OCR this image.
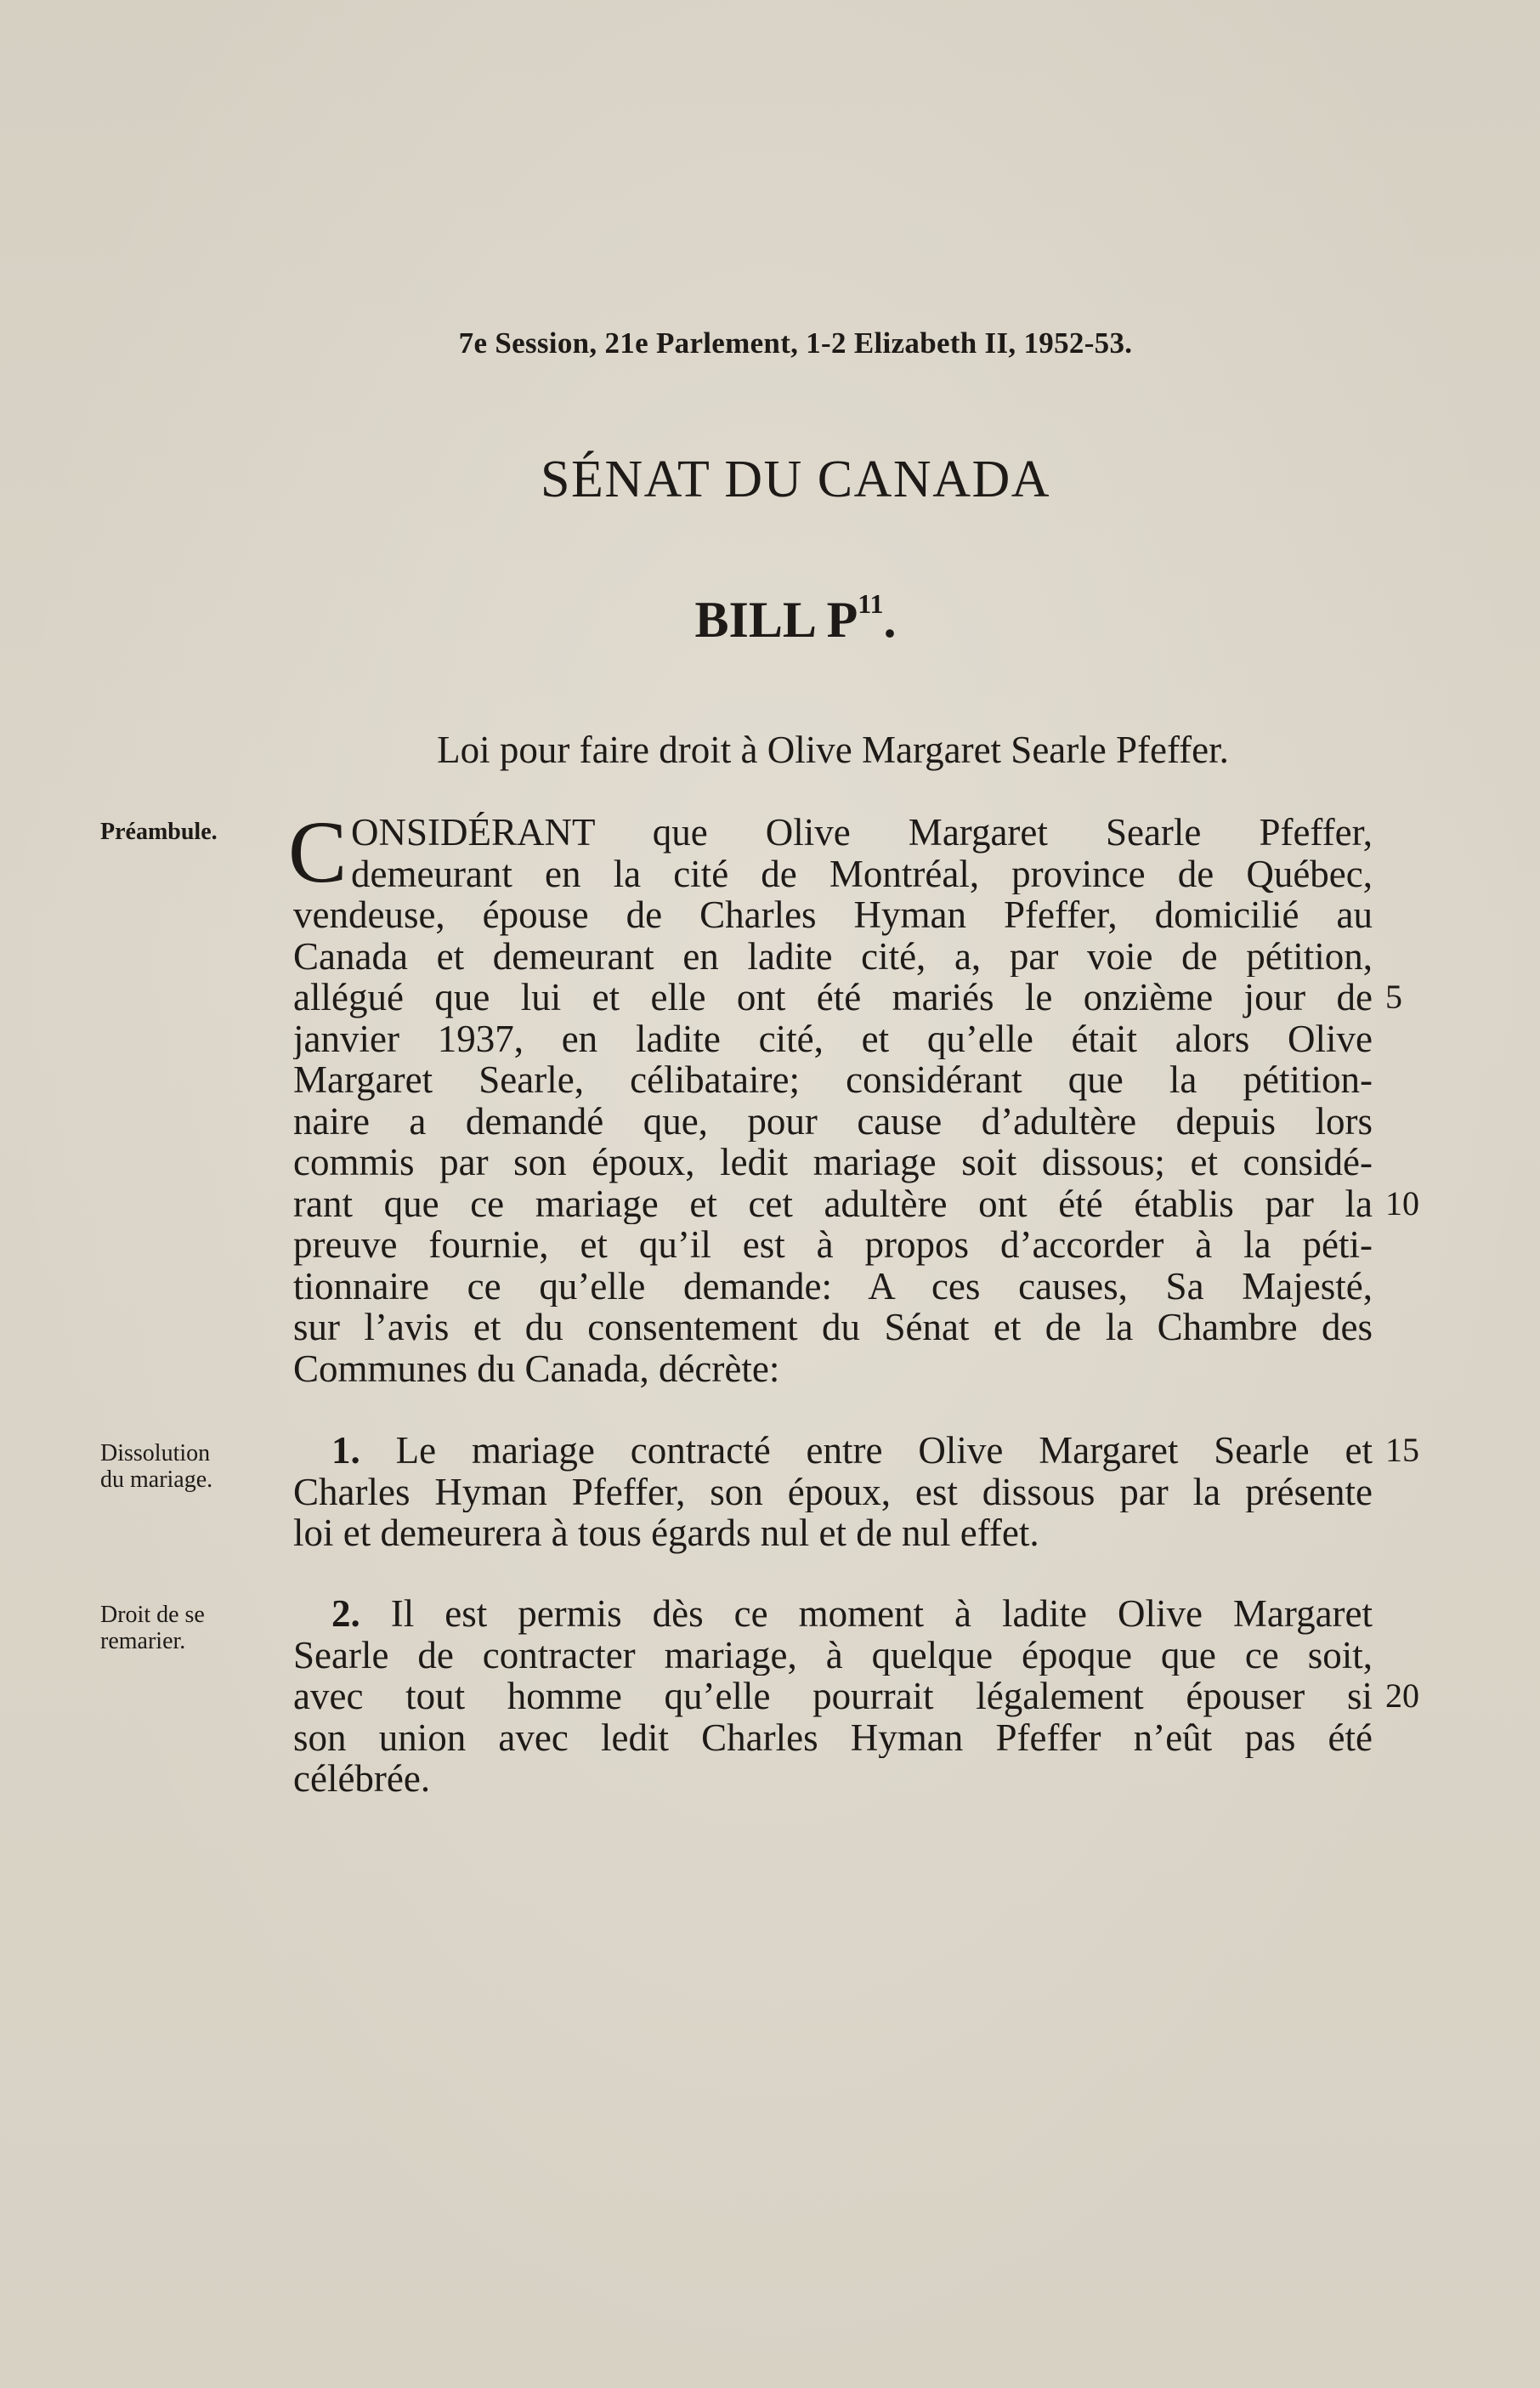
7e Session, 21e Parlement, 1-2 Elizabeth II, 1952-53.
SÉNAT DU CANADA
BILL $P^{11}$.
Loi pour faire droit à Olive Margaret Searle Pfeffer.
Préambule.
Dissolution
du mariage.
Droit de se
remarier.
C ONSIDÉRANT que Olive Margaret Searle Pfeffer,
demeurant en la cité de Montréal, province de Québec,
vendeuse, épouse de Charles Hyman Pfeffer, domicilié au
Canada et demeurant en ladite cité, a, par voie de pétition,
allégué que lui et elle ont été mariés le onzième jour de
janvier 1937, en ladite cité, et qu’elle était alors Olive
Margaret Searle, célibataire; considérant que la pétition-
naire a demandé que, pour cause d’adultère depuis lors
commis par son époux, ledit mariage soit dissous; et considé-
rant que ce mariage et cet adultère ont été établis par la
preuve fournie, et qu’il est à propos d’accorder à la péti-
tionnaire ce qu’elle demande: A ces causes, Sa Majesté,
sur l’avis et du consentement du Sénat et de la Chambre des
Communes du Canada, décrète:
1. Le mariage contracté entre Olive Margaret Searle et
Charles Hyman Pfeffer, son époux, est dissous par la présente
loi et demeurera à tous égards nul et de nul effet.
2. Il est permis dès ce moment à ladite Olive Margaret
Searle de contracter mariage, à quelque époque que ce soit,
avec tout homme qu’elle pourrait légalement épouser si
son union avec ledit Charles Hyman Pfeffer n’eût pas été
célébrée.
5
10
15
20
